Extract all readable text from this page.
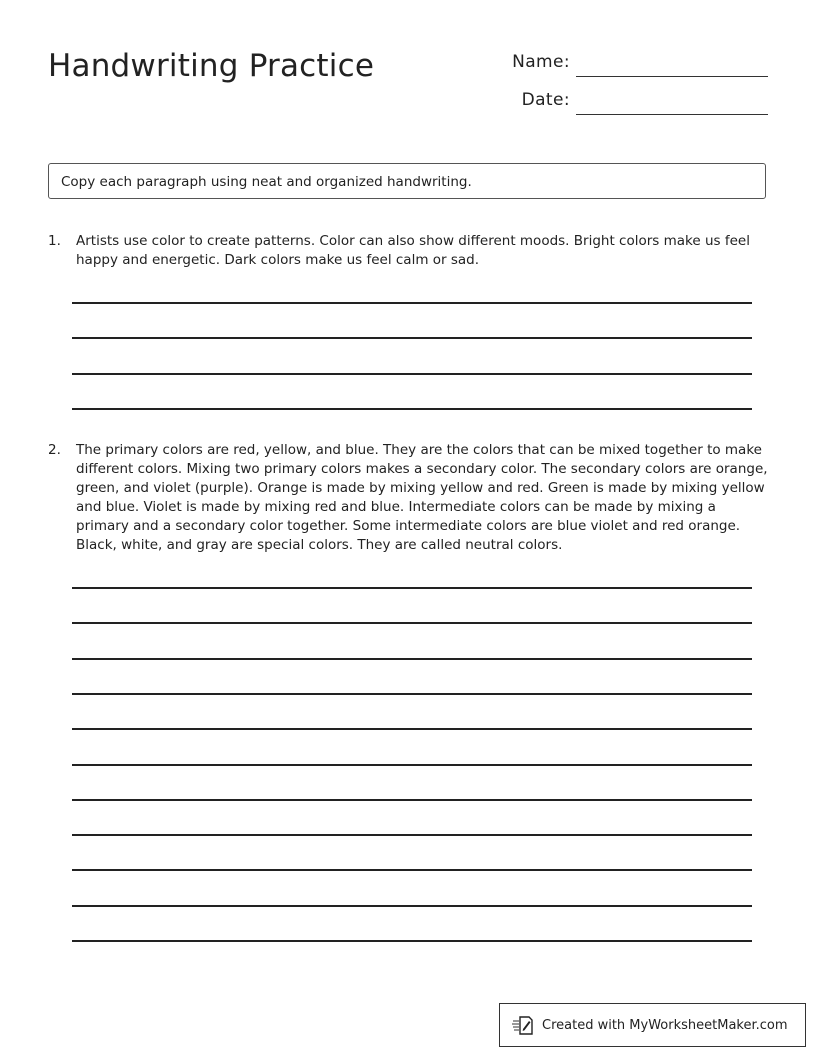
Handwriting Practice	Name:
Date:
Copy each paragraph using neat and organized handwriting.
1. Artists use color to create patterns. Color can also show different moods. Bright colors make us feel happy and energetic. Dark colors make us feel calm or sad.
2. The primary colors are red, yellow, and blue. They are the colors that can be mixed together to make different colors. Mixing two primary colors makes a secondary color. The secondary colors are orange, green, and violet (purple). Orange is made by mixing yellow and red. Green is made by mixing yellow and blue. Violet is made by mixing red and blue. Intermediate colors can be made by mixing a primary and a secondary color together. Some intermediate colors are blue violet and red orange. Black, white, and gray are special colors. They are called neutral colors.
Created with MyWorksheetMaker.com
